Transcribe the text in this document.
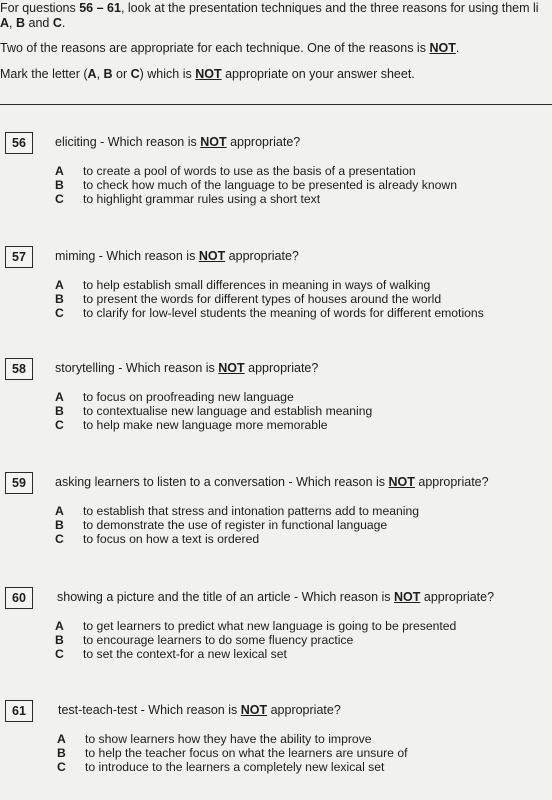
For questions 56 – 61, look at the presentation techniques and the three reasons for using them li
A, B and C.
Two of the reasons are appropriate for each technique. One of the reasons is NOT.
Mark the letter (A, B or C) which is NOT appropriate on your answer sheet.
56	eliciting - Which reason is NOT appropriate?
A to create a pool of words to use as the basis of a presentation
B to check how much of the language to be presented is already known
C to highlight grammar rules using a short text
57	miming - Which reason is NOT appropriate?
A to help establish small differences in meaning in ways of walking
B to present the words for different types of houses around the world
C to clarify for low-level students the meaning of words for different emotions
58	storytelling - Which reason is NOT appropriate?
A to focus on proofreading new language
B to contextualise new language and establish meaning
C to help make new language more memorable
59	asking learners to listen to a conversation - Which reason is NOT appropriate?
A to establish that stress and intonation patterns add to meaning
B to demonstrate the use of register in functional language
C to focus on how a text is ordered
60	showing a picture and the title of an article - Which reason is NOT appropriate?
A to get learners to predict what new language is going to be presented
B to encourage learners to do some fluency practice
C to set the context-for a new lexical set
61	test-teach-test - Which reason is NOT appropriate?
A to show learners how they have the ability to improve
B to help the teacher focus on what the learners are unsure of
C to introduce to the learners a completely new lexical set
